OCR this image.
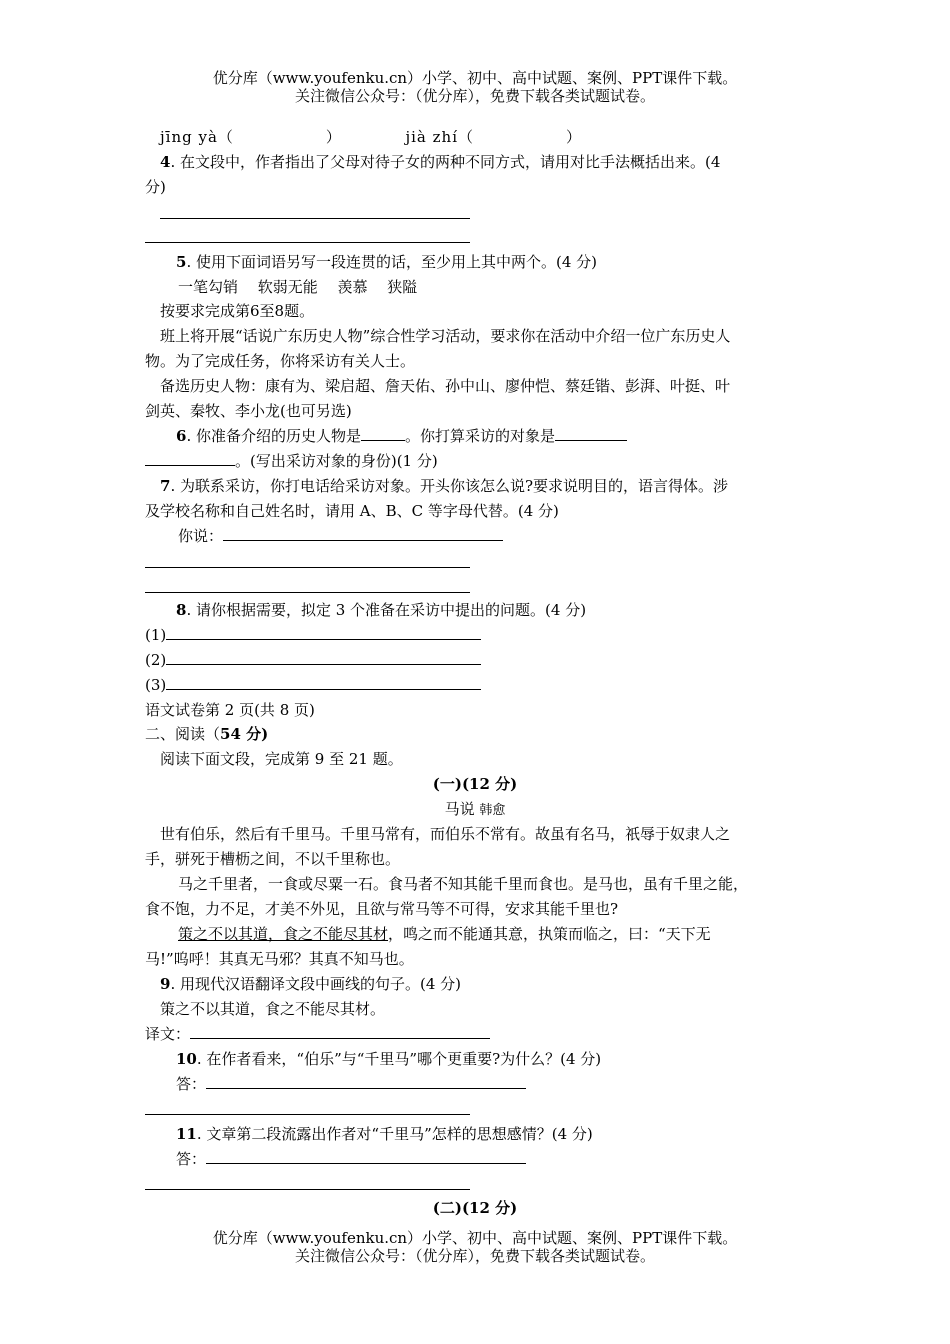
优分库（www.youfenku.cn）小学、初中、高中试题、案例、PPT课件下载。
关注微信公众号：（优分库），免费下载各类试题试卷。
jīng yà（	）	jià zhí（	）
4. 在文段中，作者指出了父母对待子女的两种不同方式，请用对比手法概括出来。(4
分)
5. 使用下面词语另写一段连贯的话，至少用上其中两个。(4 分)
一笔勾销　 软弱无能　 羡慕　 狭隘
按要求完成第6至8题。
班上将开展“话说广东历史人物”综合性学习活动，要求你在活动中介绍一位广东历史人
物。为了完成任务，你将采访有关人士。
备选历史人物：康有为、梁启超、詹天佑、孙中山、廖仲恺、蔡廷锴、彭湃、叶挺、叶
剑英、秦牧、李小龙(也可另选)
6. 你准备介绍的历史人物是	。你打算采访的对象是
。(写出采访对象的身份)(1 分)
7. 为联系采访，你打电话给采访对象。开头你该怎么说?要求说明目的，语言得体。涉
及学校名称和自己姓名时，请用 A、B、C 等字母代替。(4 分)
你说：
8. 请你根据需要，拟定 3 个准备在采访中提出的问题。(4 分)
(1)
(2)
(3)
语文试卷第 2 页(共 8 页)
二、阅读（54 分)
阅读下面文段，完成第 9 至 21 题。
(一)(12 分)
马说 韩愈
世有伯乐，然后有千里马。千里马常有，而伯乐不常有。故虽有名马，祇辱于奴隶人之
手，骈死于槽枥之间，不以千里称也。
马之千里者，一食或尽粟一石。食马者不知其能千里而食也。是马也，虽有千里之能，
食不饱，力不足，才美不外见，且欲与常马等不可得，安求其能千里也?
策之不以其道，食之不能尽其材，鸣之而不能通其意，执策而临之，曰：“天下无
马!”呜呼！其真无马邪？其真不知马也。
9. 用现代汉语翻译文段中画线的句子。(4 分)
策之不以其道，食之不能尽其材。
译文：
10. 在作者看来，“伯乐”与“千里马”哪个更重要?为什么？(4 分)
答：
11. 文章第二段流露出作者对“千里马”怎样的思想感情？(4 分)
答：
(二)(12 分)
优分库（www.youfenku.cn）小学、初中、高中试题、案例、PPT课件下载。
关注微信公众号：（优分库），免费下载各类试题试卷。
